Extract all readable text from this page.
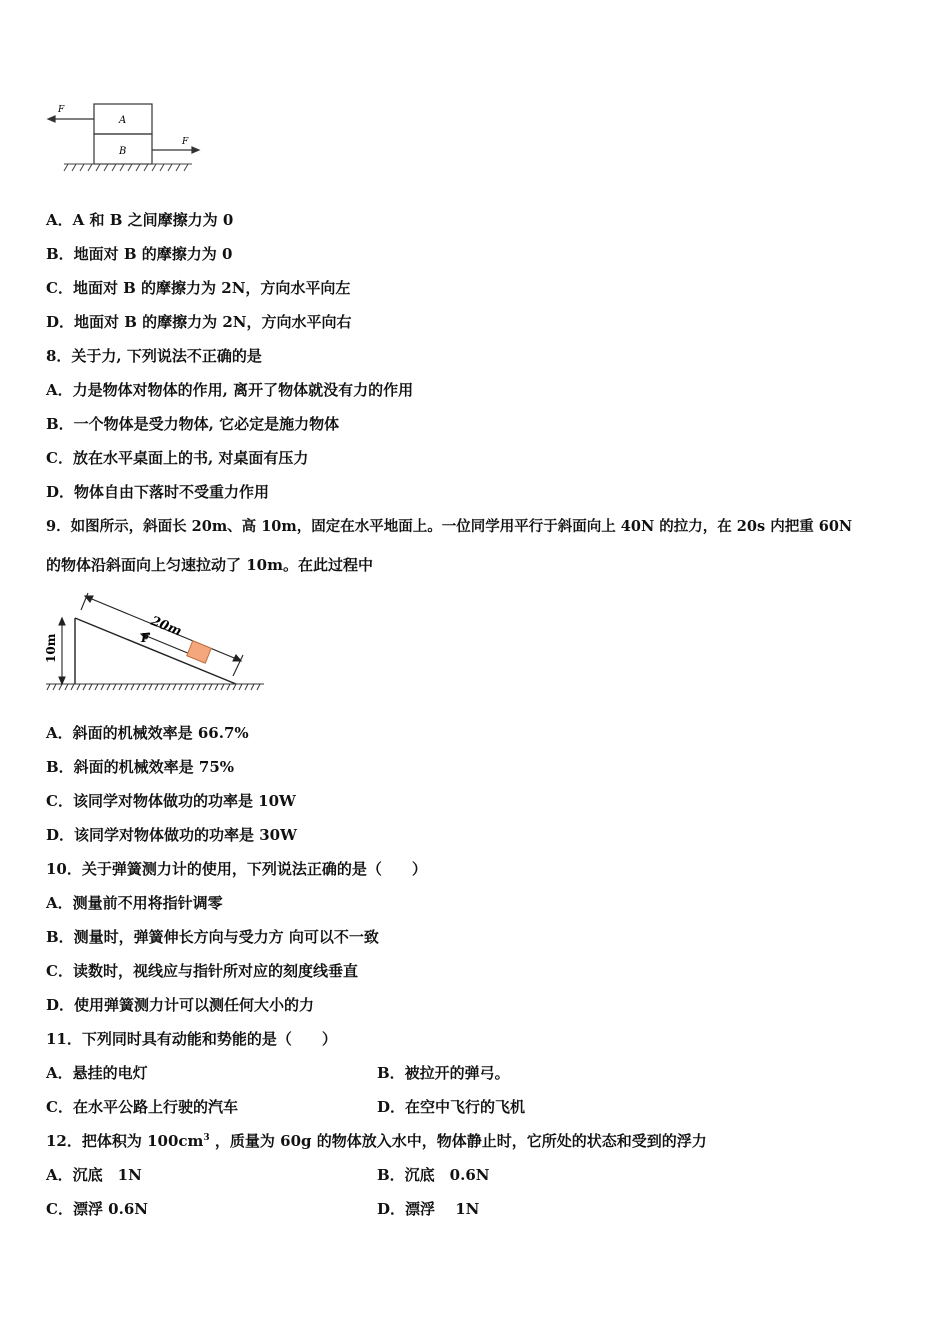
F
A
B
F
A．A 和 B 之间摩擦力为 0
B．地面对 B 的摩擦力为 0
C．地面对 B 的摩擦力为 2N，方向水平向左
D．地面对 B 的摩擦力为 2N，方向水平向右
8．关于力, 下列说法不正确的是
A．力是物体对物体的作用, 离开了物体就没有力的作用
B．一个物体是受力物体, 它必定是施力物体
C．放在水平桌面上的书, 对桌面有压力
D．物体自由下落时不受重力作用
9．如图所示，斜面长 20m、高 10m，固定在水平地面上。一位同学用平行于斜面向上 40N 的拉力，在 20s 内把重 60N
的物体沿斜面向上匀速拉动了 10m。在此过程中
10m
20m
F
A．斜面的机械效率是 66.7%
B．斜面的机械效率是 75%
C．该同学对物体做功的功率是 10W
D．该同学对物体做功的功率是 30W
10．关于弹簧测力计的使用，下列说法正确的是（　　）
A．测量前不用将指针调零
B．测量时，弹簧伸长方向与受力方 向可以不一致
C．读数时，视线应与指针所对应的刻度线垂直
D．使用弹簧测力计可以测任何大小的力
11．下列同时具有动能和势能的是（　　）
A．悬挂的电灯	B．被拉开的弹弓。
C．在水平公路上行驶的汽车	D．在空中飞行的飞机
12．把体积为 $100cm^3$ ，质量为 60g 的物体放入水中，物体静止时，它所处的状态和受到的浮力
A．沉底　1N	B．沉底　0.6N
C．漂浮 0.6N	D．漂浮　 1N
